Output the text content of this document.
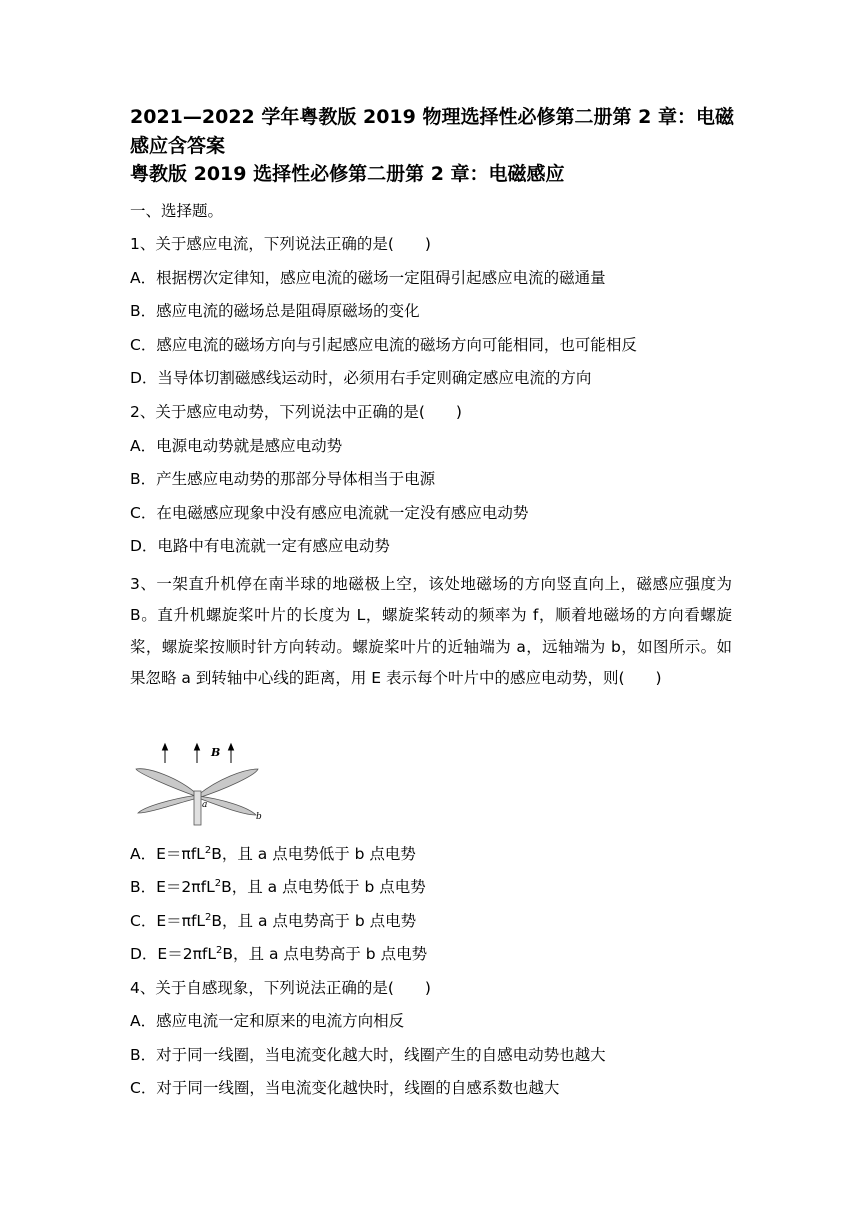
2021—2022 学年粤教版 2019 物理选择性必修第二册第 2 章：电磁感应含答案
粤教版 2019 选择性必修第二册第 2 章：电磁感应
一、选择题。
1、关于感应电流，下列说法正确的是(　　)
A．根据楞次定律知，感应电流的磁场一定阻碍引起感应电流的磁通量
B．感应电流的磁场总是阻碍原磁场的变化
C．感应电流的磁场方向与引起感应电流的磁场方向可能相同，也可能相反
D．当导体切割磁感线运动时，必须用右手定则确定感应电流的方向
2、关于感应电动势，下列说法中正确的是(　　)
A．电源电动势就是感应电动势
B．产生感应电动势的那部分导体相当于电源
C．在电磁感应现象中没有感应电流就一定没有感应电动势
D．电路中有电流就一定有感应电动势
3、一架直升机停在南半球的地磁极上空，该处地磁场的方向竖直向上，磁感应强度为 B。直升机螺旋桨叶片的长度为 L，螺旋桨转动的频率为 f，顺着地磁场的方向看螺旋桨，螺旋桨按顺时针方向转动。螺旋桨叶片的近轴端为 a，远轴端为 b，如图所示。如果忽略 a 到转轴中心线的距离，用 E 表示每个叶片中的感应电动势，则(　　)
B
a
b
A．E＝πfL$^2$B，且 a 点电势低于 b 点电势
B．E＝2πfL$^2$B，且 a 点电势低于 b 点电势
C．E＝πfL$^2$B，且 a 点电势高于 b 点电势
D．E＝2πfL$^2$B，且 a 点电势高于 b 点电势
4、关于自感现象，下列说法正确的是(　　)
A．感应电流一定和原来的电流方向相反
B．对于同一线圈，当电流变化越大时，线圈产生的自感电动势也越大
C．对于同一线圈，当电流变化越快时，线圈的自感系数也越大
